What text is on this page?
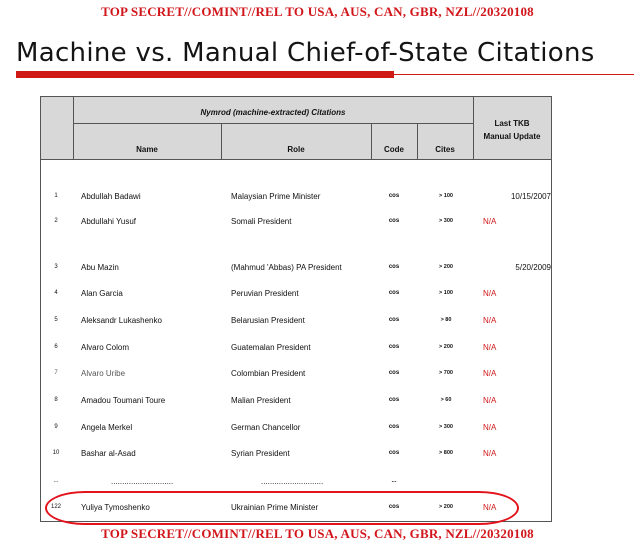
TOP SECRET//COMINT//REL TO USA, AUS, CAN, GBR, NZL//20320108
Machine vs. Manual Chief-of-State Citations
Nymrod (machine-extracted) Citations
Name	Role	Code	Cites
Last TKB
Manual Update
1	Abdullah Badawi	Malaysian Prime Minister	cos	> 100	10/15/2007
2	Abdullahi Yusuf	Somali President	cos	> 300	N/A
3	Abu Mazin	(Mahmud 'Abbas) PA President	cos	> 200	5/20/2009
4	Alan Garcia	Peruvian President	cos	> 100	N/A
5	Aleksandr Lukashenko	Belarusian President	cos	> 80	N/A
6	Alvaro Colom	Guatemalan President	cos	> 200	N/A
7	Alvaro Uribe	Colombian President	cos	> 700	N/A
8	Amadou Toumani Toure	Malian President	cos	> 60	N/A
9	Angela Merkel	German Chancellor	cos	> 300	N/A
10	Bashar al-Asad	Syrian President	cos	> 800	N/A
...	............................	............................	...
122	Yuliya Tymoshenko	Ukrainian Prime Minister	cos	> 200	N/A
TOP SECRET//COMINT//REL TO USA, AUS, CAN, GBR, NZL//20320108
